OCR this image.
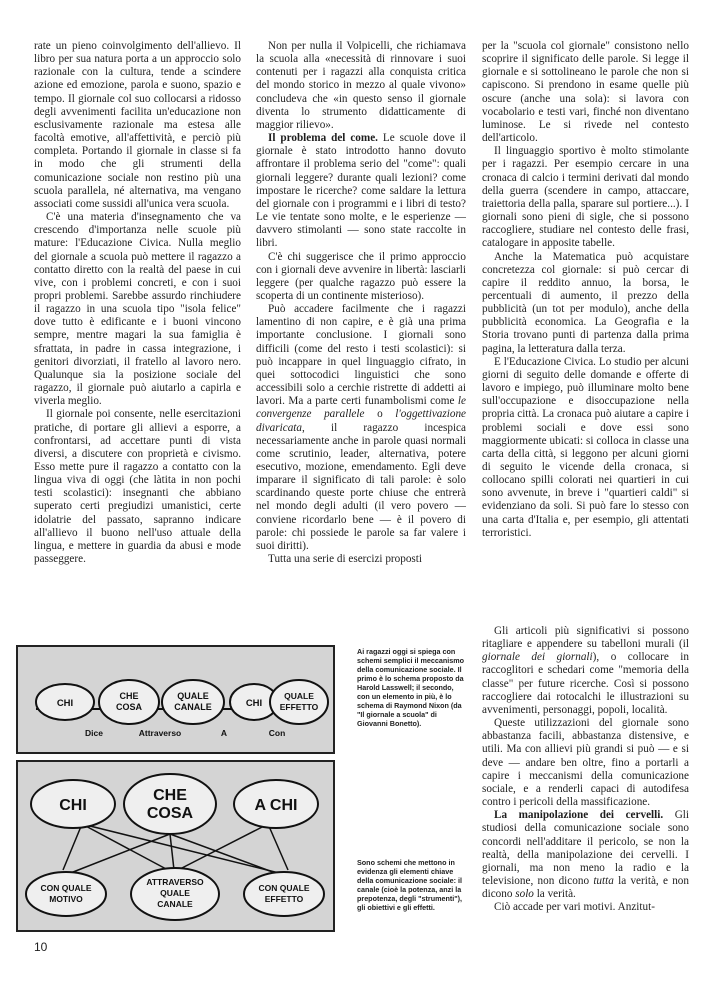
rate un pieno coinvolgimento dell'allievo. Il libro per sua natura porta a un approccio solo razionale con la cultura, tende a scindere azione ed emozione, parola e suono, spazio e tempo. Il giornale col suo collocarsi a ridosso degli avvenimenti facilita un'educazione non esclusivamente razionale ma estesa alle facoltà emotive, all'affettività, e perciò più completa. Portando il giornale in classe si fa in modo che gli strumenti della comunicazione sociale non restino più una scuola parallela, né alternativa, ma vengano associati come sussidi all'unica vera scuola.

C'è una materia d'insegnamento che va crescendo d'importanza nelle scuole più mature: l'Educazione Civica. Nulla meglio del giornale a scuola può mettere il ragazzo a contatto diretto con la realtà del paese in cui vive, con i problemi concreti, e con i suoi propri problemi. Sarebbe assurdo rinchiudere il ragazzo in una scuola tipo "isola felice" dove tutto è edificante e i buoni vincono sempre, mentre magari la sua famiglia è sfrattata, in padre in cassa integrazione, i genitori divorziati, il fratello al lavoro nero. Qualunque sia la posizione sociale del ragazzo, il giornale può aiutarlo a capirla e viverla meglio.

Il giornale poi consente, nelle esercitazioni pratiche, di portare gli allievi a esporre, a confrontarsi, ad accettare punti di vista diversi, a discutere con proprietà e civismo. Esso mette pure il ragazzo a contatto con la lingua viva di oggi (che làtita in non pochi testi scolastici): insegnanti che abbiano superato certi pregiudizi umanistici, certe idolatrie del passato, sapranno indicare all'allievo il buono nell'uso attuale della lingua, e mettere in guardia da abusi e mode passeggere.

Non per nulla il Volpicelli, che richiamava la scuola alla «necessità di rinnovare i suoi contenuti per i ragazzi alla conquista critica del mondo storico in mezzo al quale vivono» concludeva che «in questo senso il giornale diventa lo strumento didatticamente di maggior rilievo».

Il problema del come. Le scuole dove il giornale è stato introdotto hanno dovuto affrontare il problema serio del "come": quali giornali leggere? durante quali lezioni? come impostare le ricerche? come saldare la lettura del giornale con i programmi e i libri di testo? Le vie tentate sono molte, e le esperienze — davvero stimolanti — sono state raccolte in libri.

C'è chi suggerisce che il primo approccio con i giornali deve avvenire in libertà: lasciarli leggere (per qualche ragazzo può essere la scoperta di un continente misterioso).

Può accadere facilmente che i ragazzi lamentino di non capire, e è già una prima importante conclusione. I giornali sono difficili (come del resto i testi scolastici): si può incappare in quel linguaggio cifrato, in quei sottocodici linguistici che sono accessibili solo a cerchie ristrette di addetti ai lavori. Ma a parte certi funambolismi come le convergenze parallele o l'oggettivazione divaricata, il ragazzo incespica necessariamente anche in parole quasi normali come scrutinio, leader, alternativa, potere esecutivo, mozione, emendamento. Egli deve imparare il significato di tali parole: è solo scardinando queste porte chiuse che entrerà nel mondo degli adulti (il vero povero — conviene ricordarlo bene — è il povero di parole: chi possiede le parole sa far valere i suoi diritti).

Tutta una serie di esercizi proposti

per la "scuola col giornale" consistono nello scoprire il significato delle parole. Si legge il giornale e si sottolineano le parole che non si capiscono. Si prendono in esame quelle più oscure (anche una sola): si lavora con vocabolario e testi vari, finché non diventano luminose. Le si rivede nel contesto dell'articolo.

Il linguaggio sportivo è molto stimolante per i ragazzi. Per esempio cercare in una cronaca di calcio i termini derivati dal mondo della guerra (scendere in campo, attaccare, traiettoria della palla, sparare sul portiere...). I giornali sono pieni di sigle, che si possono raccogliere, studiare nel contesto delle frasi, catalogare in apposite tabelle.

Anche la Matematica può acquistare concretezza col giornale: si può cercar di capire il reddito annuo, la borsa, le percentuali di aumento, il prezzo della pubblicità (un tot per modulo), anche della pubblicità economica. La Geografia e la Storia trovano punti di partenza dalla prima pagina, la letteratura dalla terza.

E l'Educazione Civica. Lo studio per alcuni giorni di seguito delle domande e offerte di lavoro e impiego, può illuminare molto bene sull'occupazione e disoccupazione nella propria città. La cronaca può aiutare a capire i problemi sociali e dove essi sono maggiormente ubicati: si colloca in classe una carta della città, si leggono per alcuni giorni di seguito le vicende della cronaca, si collocano spilli colorati nei quartieri in cui sono avvenute, in breve i "quartieri caldi" si evidenziano da soli. Si può fare lo stesso con una carta d'Italia e, per esempio, gli attentati terroristici.

Gli articoli più significativi si possono ritagliare e appendere su tabelloni murali (il giornale dei giornali), o collocare in raccoglitori e schedari come "memoria della classe" per future ricerche. Così si possono raccogliere dai rotocalchi le illustrazioni su avvenimenti, personaggi, popoli, località.

Queste utilizzazioni del giornale sono abbastanza facili, abbastanza distensive, e utili. Ma con allievi più grandi si può — e si deve — andare ben oltre, fino a portarli a capire i meccanismi della comunicazione sociale, e a renderli capaci di autodifesa contro i pericoli della massificazione.

La manipolazione dei cervelli. Gli studiosi della comunicazione sociale sono concordi nell'additare il pericolo, se non la realtà, della manipolazione dei cervelli. I giornali, ma non meno la radio e la televisione, non dicono tutta la verità, e non dicono solo la verità.

Ciò accade per vari motivi. Anzitut-

CHI
CHE
COSA
QUALE
CANALE	CHI
QUALE
EFFETTO
Dice	Attraverso	A	Con
CHI
CHE
COSA	A CHI
CON QUALE
MOTIVO
ATTRAVERSO
QUALE
CANALE
CON QUALE
EFFETTO
Ai ragazzi oggi si spiega con schemi semplici il meccanismo della comunicazione sociale. Il primo è lo schema proposto da Harold Lasswell; il secondo, con un elemento in più, è lo schema di Raymond Nixon (da "Il giornale a scuola" di Giovanni Bonetto).
Sono schemi che mettono in evidenza gli elementi chiave della comunicazione sociale: il canale (cioè la potenza, anzi la prepotenza, degli "strumenti"), gli obiettivi e gli effetti.
10
